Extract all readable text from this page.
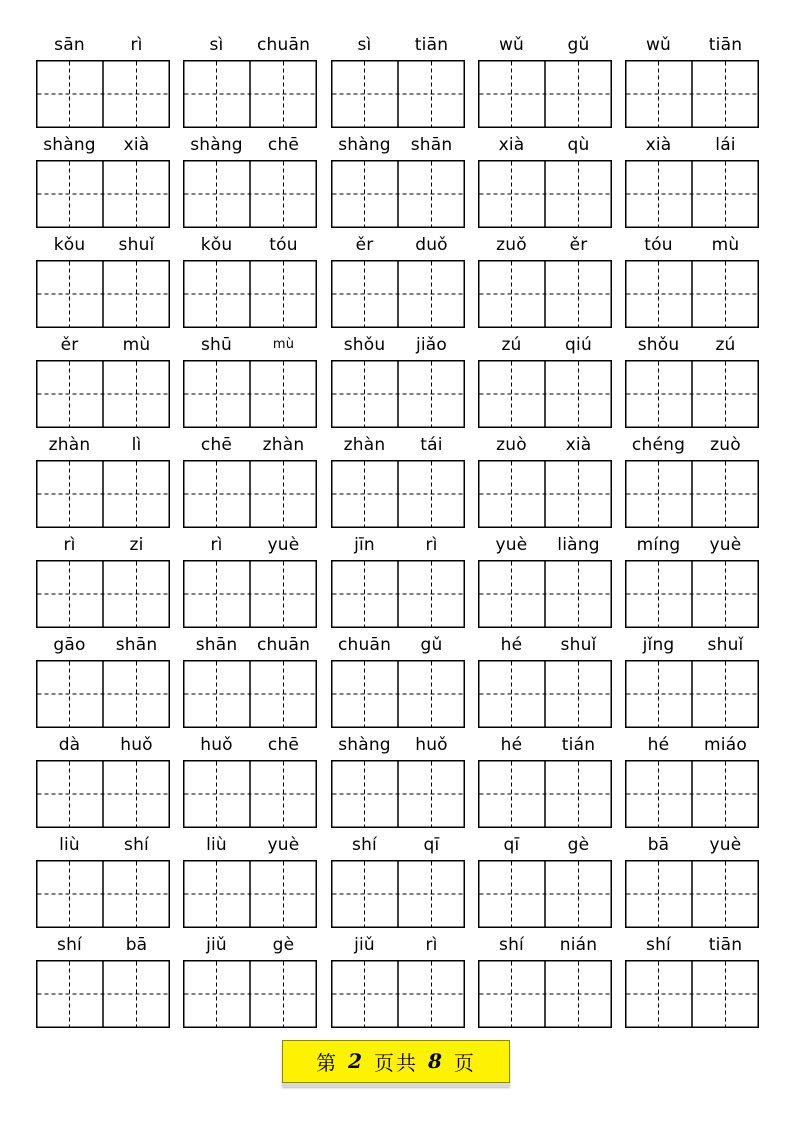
sān	rì	sì	chuān	sì	tiān	wǔ	gǔ	wǔ	tiān
shàng	xià	shàng	chē	shàng	shān	xià	qù	xià	lái
kǒu	shuǐ	kǒu	tóu	ěr	duǒ	zuǒ	ěr	tóu	mù
ěr	mù	shū	mù	shǒu	jiǎo	zú	qiú	shǒu	zú
zhàn	lì	chē	zhàn	zhàn	tái	zuò	xià	chéng	zuò
rì	zi	rì	yuè	jīn	rì	yuè	liàng	míng	yuè
gāo	shān	shān	chuān	chuān	gǔ	hé	shuǐ	jǐng	shuǐ
dà	huǒ	huǒ	chē	shàng	huǒ	hé	tián	hé	miáo
liù	shí	liù	yuè	shí	qī	qī	gè	bā	yuè
shí	bā	jiǔ	gè	jiǔ	rì	shí	nián	shí	tiān
第 2 页共 8 页
